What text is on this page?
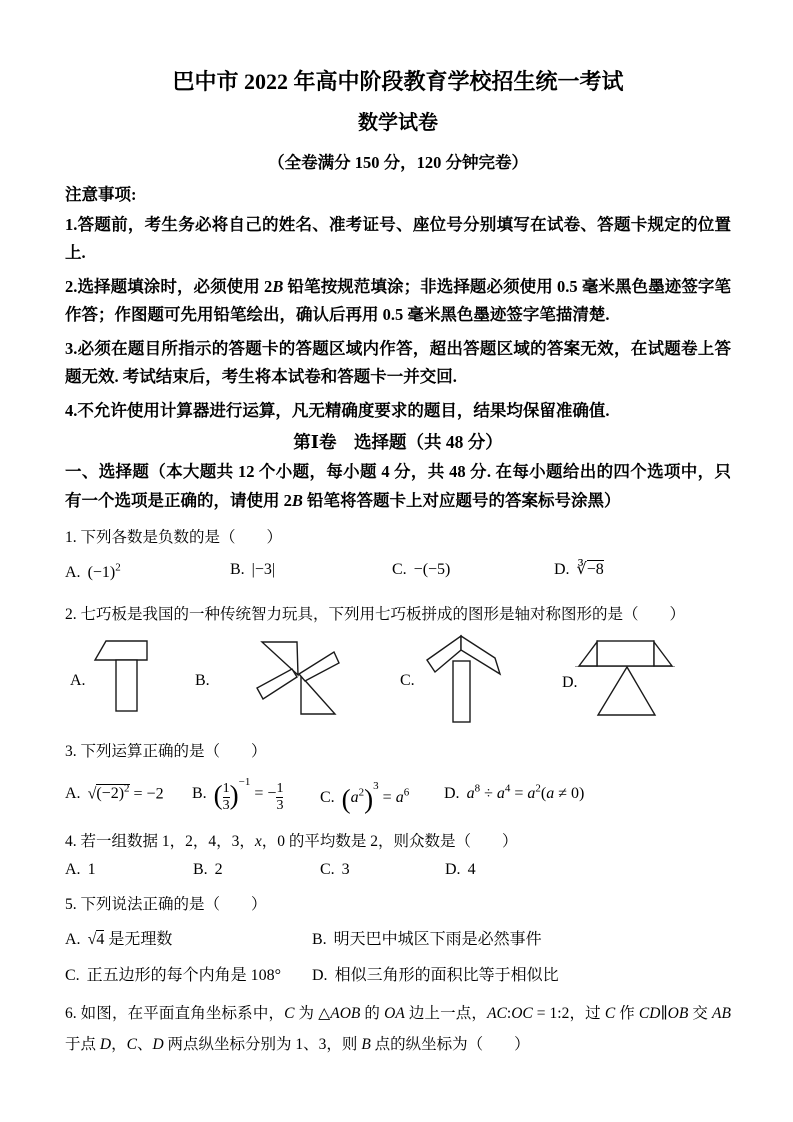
巴中市 2022 年高中阶段教育学校招生统一考试
数学试卷
（全卷满分 150 分，120 分钟完卷）
注意事项:

1.答题前，考生务必将自己的姓名、准考证号、座位号分别填写在试卷、答题卡规定的位置上.

2.选择题填涂时，必须使用 2B 铅笔按规范填涂；非选择题必须使用 0.5 毫米黑色墨迹签字笔作答；作图题可先用铅笔绘出，确认后再用 0.5 毫米黑色墨迹签字笔描清楚.

3.必须在题目所指示的答题卡的答题区域内作答，超出答题区域的答案无效，在试题卷上答题无效. 考试结束后，考生将本试卷和答题卡一并交回.

4.不允许使用计算器进行运算，凡无精确度要求的题目，结果均保留准确值.

第Ⅰ卷　选择题（共 48 分）

一、选择题（本大题共 12 个小题，每小题 4 分，共 48 分. 在每小题给出的四个选项中，只有一个选项是正确的，请使用 2B 铅笔将答题卡上对应题号的答案标号涂黑）

1. 下列各数是负数的是（　　）

A. $(-1)^2$	B. |−3|	C. −(−5)	D. ∛−8

2. 七巧板是我国的一种传统智力玩具，下列用七巧板拼成的图形是轴对称图形的是（　　）

A.	B.	C.	D.

3. 下列运算正确的是（　　）

A. $√(-2)^2 = -2$	B. ( $\frac{1}{3} )^{-1}$ = − $\frac{1}{3} C$. $(a^2)^3 = a^6$	D. $a^8 \div a^4 = a^2(a \ne 0)$

4. 若一组数据 1，2，4，3，x，0 的平均数是 2，则众数是（　　）

A. 1	B. 2	C. 3	D. 4

5. 下列说法正确的是（　　）

A. √4 是无理数	B. 明天巴中城区下雨是必然事件
C. 正五边形的每个内角是 108°	D. 相似三角形的面积比等于相似比

6. 如图，在平面直角坐标系中，C 为 △AOB 的 OA 边上一点，AC:OC = 1:2，过 C 作 CD∥OB 交 AB 于点 D，C、D 两点纵坐标分别为 1、3，则 B 点的纵坐标为（　　）
